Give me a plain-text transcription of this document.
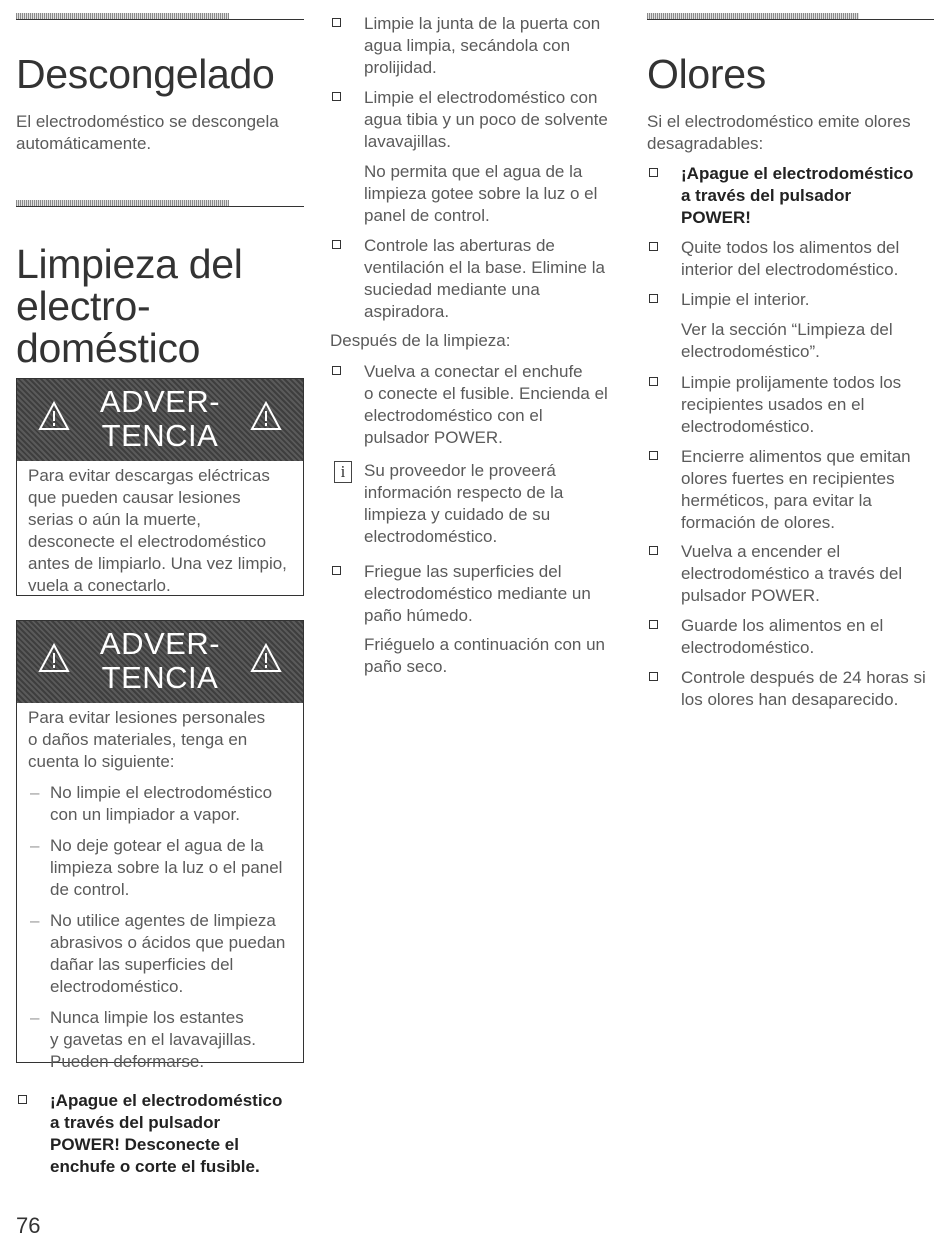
Descongelado

El electrodoméstico se descongela
automáticamente.

Limpieza del
electro-
doméstico
ADVER-
TENCIA

Para evitar descargas eléctricas
que pueden causar lesiones
serias o aún la muerte,
desconecte el electrodoméstico
antes de limpiarlo. Una vez limpio,
vuela a conectarlo.

ADVER-
TENCIA

Para evitar lesiones personales
o daños materiales, tenga en
cuenta lo siguiente:

– No limpie el electrodoméstico
con un limpiador a vapor.
– No deje gotear el agua de la
limpieza sobre la luz o el panel
de control.
– No utilice agentes de limpieza
abrasivos o ácidos que puedan
dañar las superficies del
electrodoméstico.
– Nunca limpie los estantes
y gavetas en el lavavajillas.
Pueden deformarse.
¡Apague el electrodoméstico
a través del pulsador
POWER! Desconecte el
enchufe o corte el fusible.
76
Limpie la junta de la puerta con
agua limpia, secándola con
prolijidad.
Limpie el electrodoméstico con
agua tibia y un poco de solvente
lavavajillas.

No permita que el agua de la
limpieza gotee sobre la luz o el
panel de control.

Controle las aberturas de
ventilación el la base. Elimine la
suciedad mediante una
aspiradora.

Después de la limpieza:

Vuelva a conectar el enchufe
o conecte el fusible. Encienda el
electrodoméstico con el
pulsador POWER.
i	Su proveedor le proveerá
información respecto de la
limpieza y cuidado de su
electrodoméstico.
Friegue las superficies del
electrodoméstico mediante un
paño húmedo.

Friéguelo a continuación con un
paño seco.

Olores

Si el electrodoméstico emite olores
desagradables:

¡Apague el electrodoméstico
a través del pulsador
POWER!
Quite todos los alimentos del
interior del electrodoméstico.
Limpie el interior.

Ver la sección “Limpieza del
electrodoméstico”.

Limpie prolijamente todos los
recipientes usados en el
electrodoméstico.
Encierre alimentos que emitan
olores fuertes en recipientes
herméticos, para evitar la
formación de olores.
Vuelva a encender el
electrodoméstico a través del
pulsador POWER.
Guarde los alimentos en el
electrodoméstico.
Controle después de 24 horas si
los olores han desaparecido.
